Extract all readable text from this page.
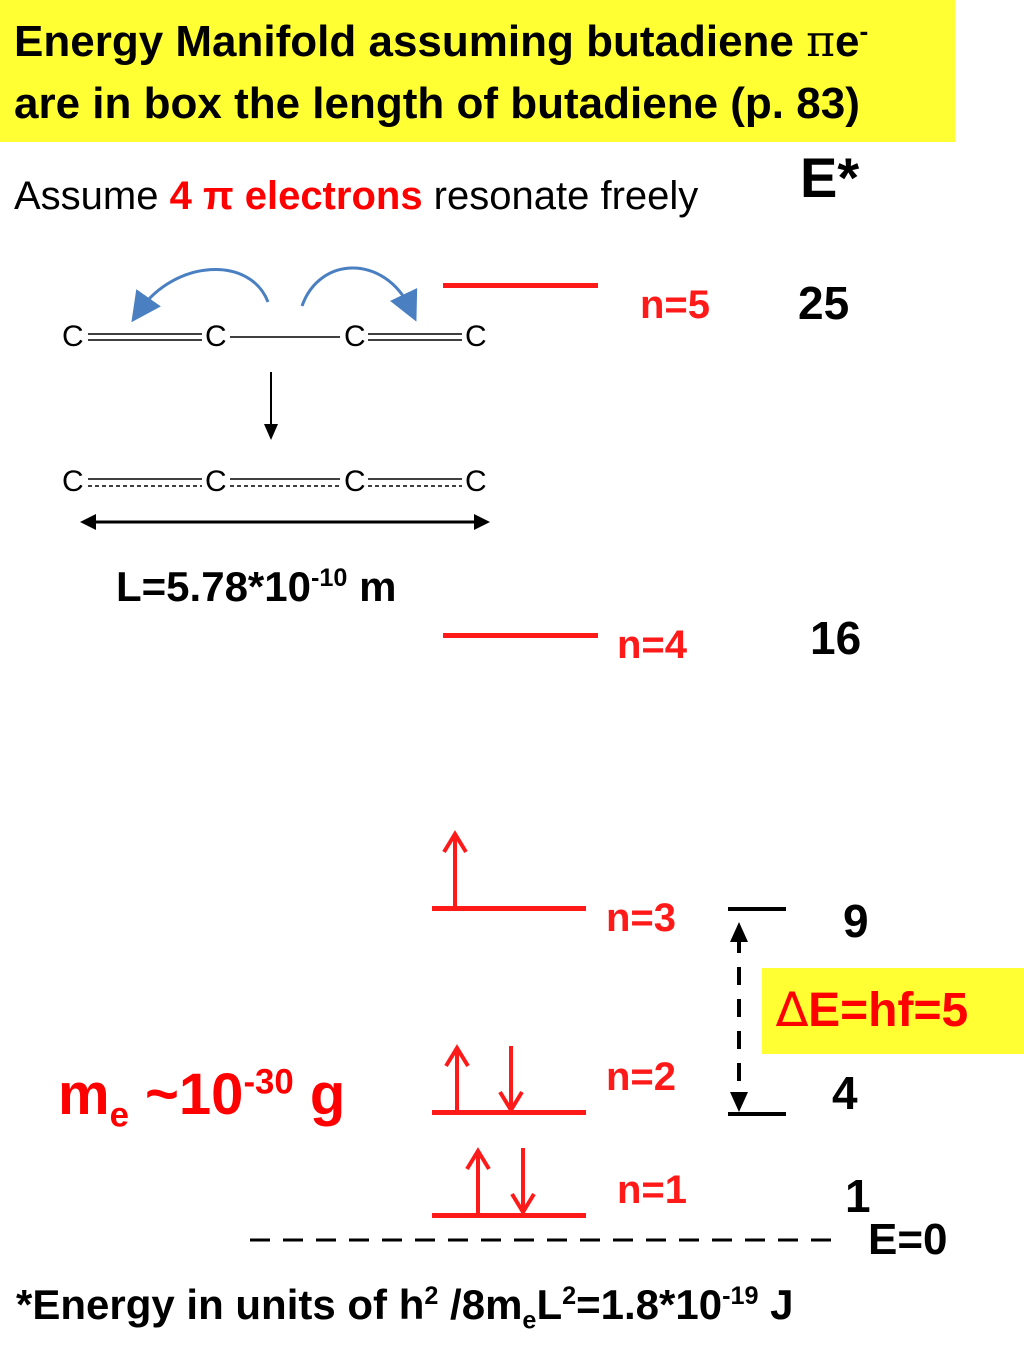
Energy Manifold assuming butadiene πe-
are in box the length of butadiene (p. 83)
Assume 4 π electrons resonate freely E*
C	C	C	C
C	C	C	C
$L=5.78*10^{-10}$ m
n=5
n=4
n=3
n=2
n=1
25
16
9
4
1
E=0
∆E=hf=5
$m_e$ $\sim 10^{-30}$ g
*Energy in units of $h^2$ $/8m_eL^2=1.8*10^{-19}$ J
